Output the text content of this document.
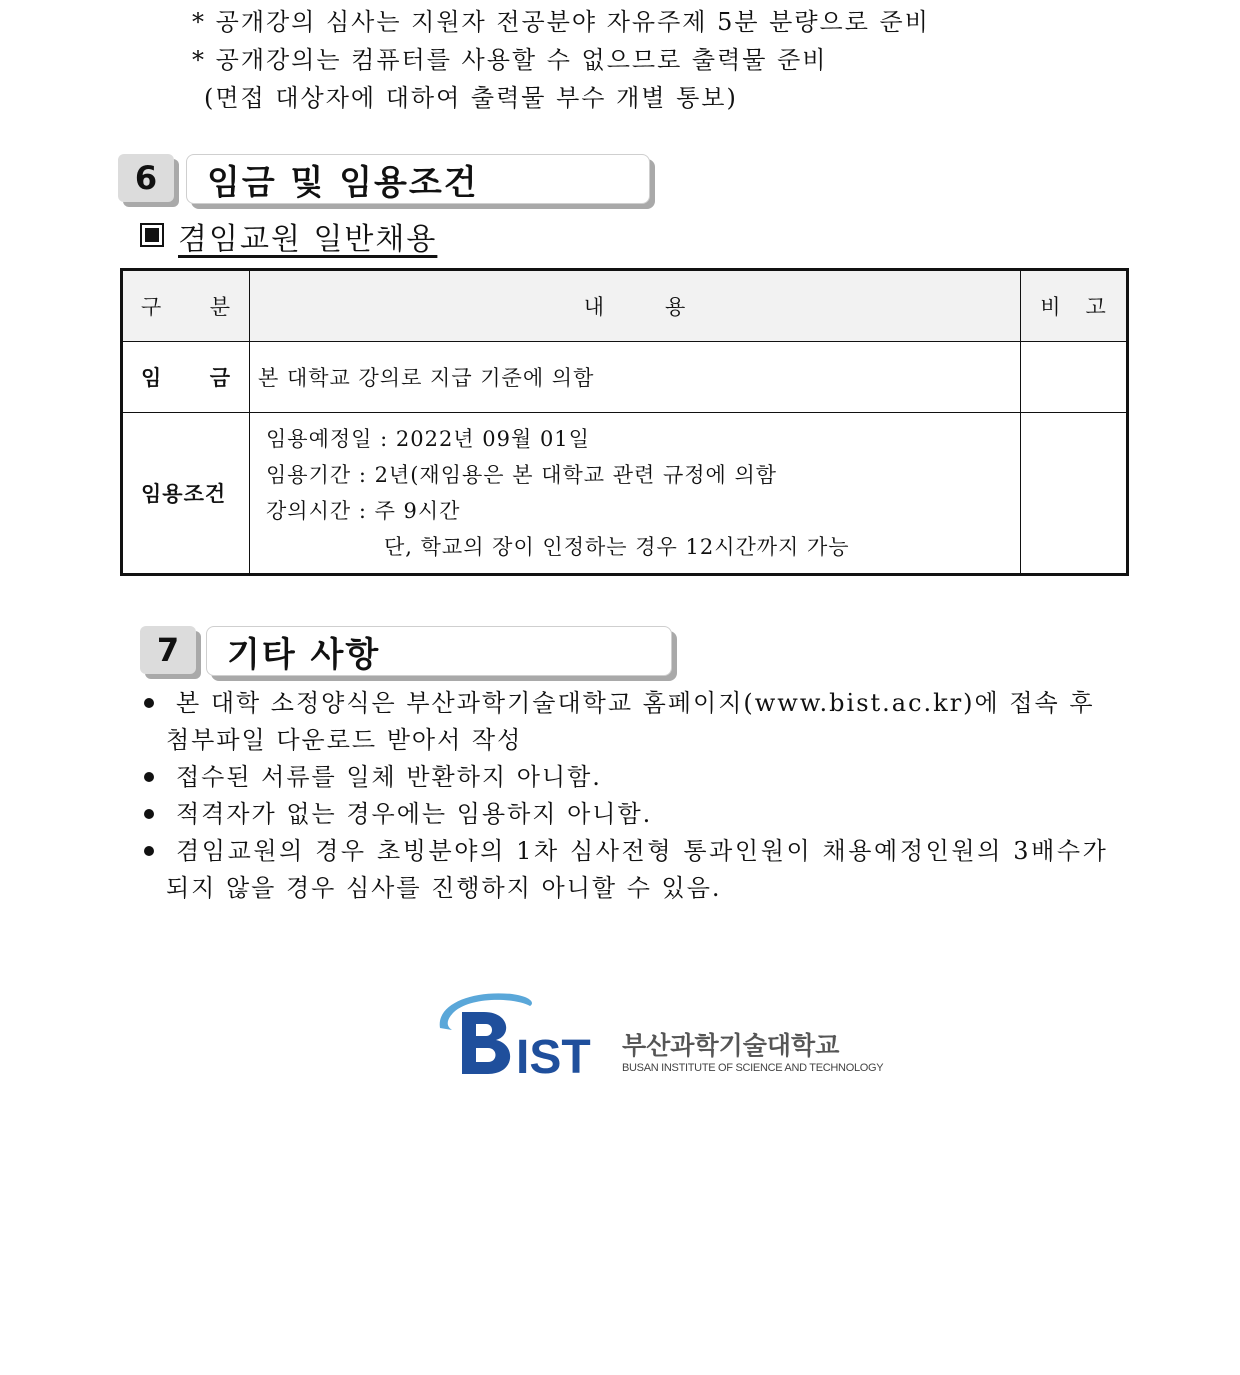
* 공개강의 심사는 지원자 전공분야 자유주제 5분 분량으로 준비
* 공개강의는 컴퓨터를 사용할 수 없으므로 출력물 준비
(면접 대상자에 대하여 출력물 부수 개별 통보)
6	임금 및 임용조건
겸임교원 일반채용
구 분	내 용	비 고

임 금	본 대학교 강의로 지급 기준에 의함	
임용조건	임용예정일 : 2022년 09월 01일

임용기간 : 2년(재임용은 본 대학교 관련 규정에 의함

강의시간 : 주 9시간

단, 학교의 장이 인정하는 경우 12시간까지 가능	

7	기타 사항
본 대학 소정양식은 부산과학기술대학교 홈페이지(www.bist.ac.kr)에 접속 후
첨부파일 다운로드 받아서 작성
접수된 서류를 일체 반환하지 아니함.
적격자가 없는 경우에는 임용하지 아니함.
겸임교원의 경우 초빙분야의 1차 심사전형 통과인원이 채용예정인원의 3배수가
되지 않을 경우 심사를 진행하지 아니할 수 있음.
IST 부산과학기술대학교
BUSAN INSTITUTE OF SCIENCE AND TECHNOLOGY
